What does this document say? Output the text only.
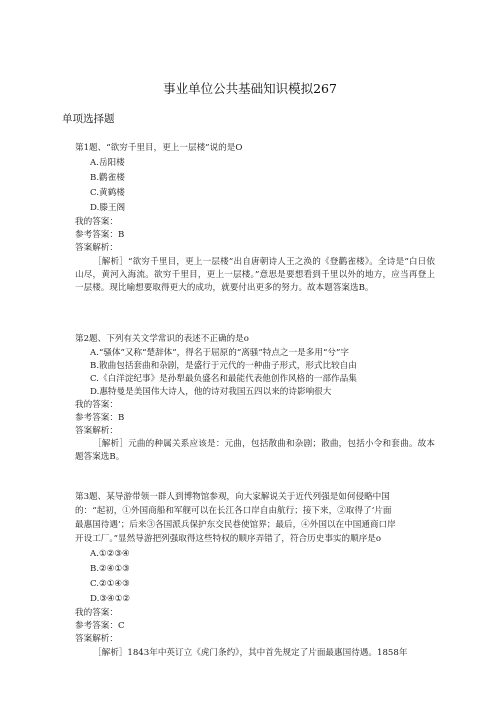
事业单位公共基础知识模拟267
单项选择题
第1题、“欲穷千里目，更上一层楼”说的是O
A.岳阳楼
B.鹳雀楼
C.黄鹤楼
D.滕王阁
我的答案：
参考答案：B
答案解析：
［解析］“欲穷千里目，更上一层楼”出自唐朝诗人王之涣的《登鹳雀楼》。全诗是“白日依山尽，黄河入海流。欲穷千里目，更上一层楼。”意思是要想看到千里以外的地方，应当再登上一层楼。现比喻想要取得更大的成功，就要付出更多的努力。故本题答案选B。
第2题、下列有关文学常识的表述不正确的是o
A.“骚体”又称“楚辞体”，得名于屈原的“离骚”特点之一是多用“兮”字
B.散曲包括套曲和杂剧，是盛行于元代的一种曲子形式，形式比较自由
C.《白洋淀纪事》是孙犁最负盛名和最能代表他创作风格的一部作品集
D.惠特曼是美国伟大诗人，他的诗对我国五四以来的诗影响很大
我的答案：
参考答案：B
答案解析：
［解析］元曲的种属关系应该是：元曲，包括散曲和杂剧；散曲，包括小令和套曲。故本题答案选B。
第3题、某导游带领一群人到博物馆参观，向大家解说关于近代列强是如何侵略中国
的：“起初，①外国商船和军舰可以在长江各口岸自由航行；接下来，②取得了‘片面
最惠国待遇’；后来③各国派兵保护东交民巷使馆界；最后，④外国以在中国通商口岸
开设工厂。”显然导游把列强取得这些特权的顺序弄错了，符合历史事实的顺序是o
A.①②③④
B.②④①③
C.②①④③
D.③④①②
我的答案：
参考答案：C
答案解析：
［解析］1843年中英订立《虎门条约》，其中首先规定了片面最惠国待遇。1858年
